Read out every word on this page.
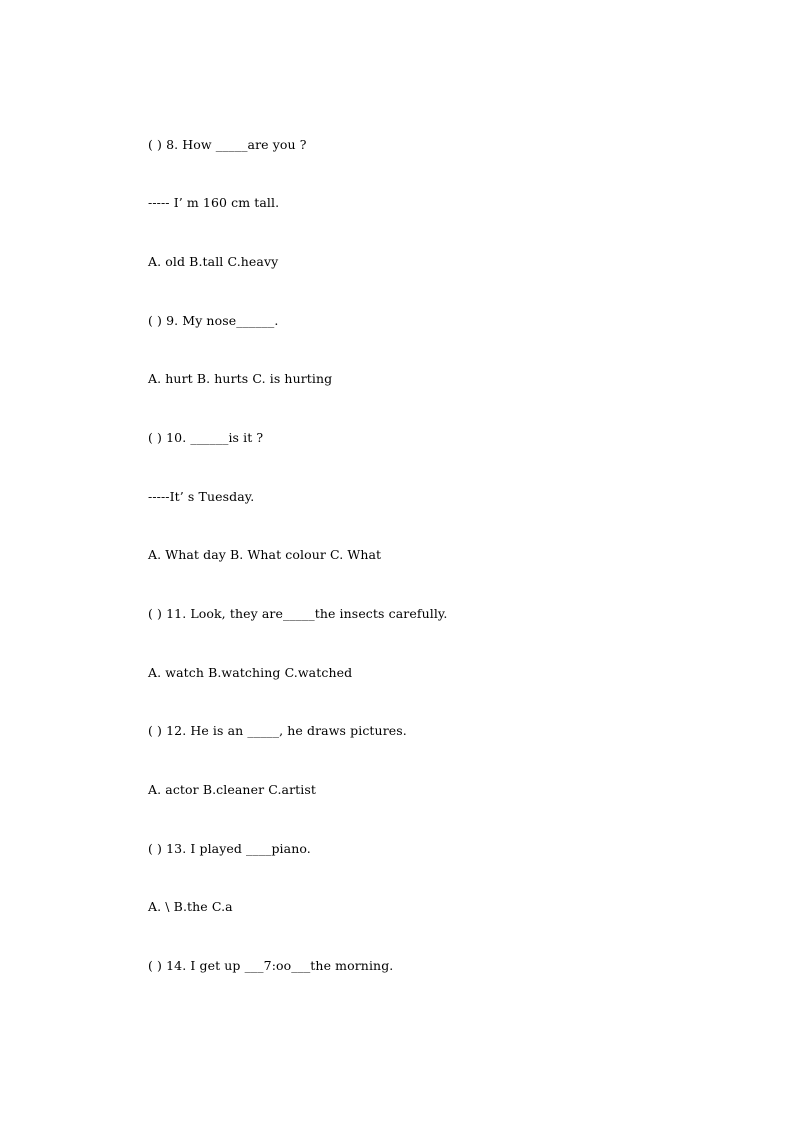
( ) 8. How _____are you ?
----- I’ m 160 cm tall.
A. old B.tall C.heavy
( ) 9. My nose______.
A. hurt B. hurts C. is hurting
( ) 10. ______is it ?
-----It’ s Tuesday.
A. What day B. What colour C. What
( ) 11. Look, they are_____the insects carefully.
A. watch B.watching C.watched
( ) 12. He is an _____, he draws pictures.
A. actor B.cleaner C.artist
( ) 13. I played ____piano.
A. \ B.the C.a
( ) 14. I get up ___7:oo___the morning.
